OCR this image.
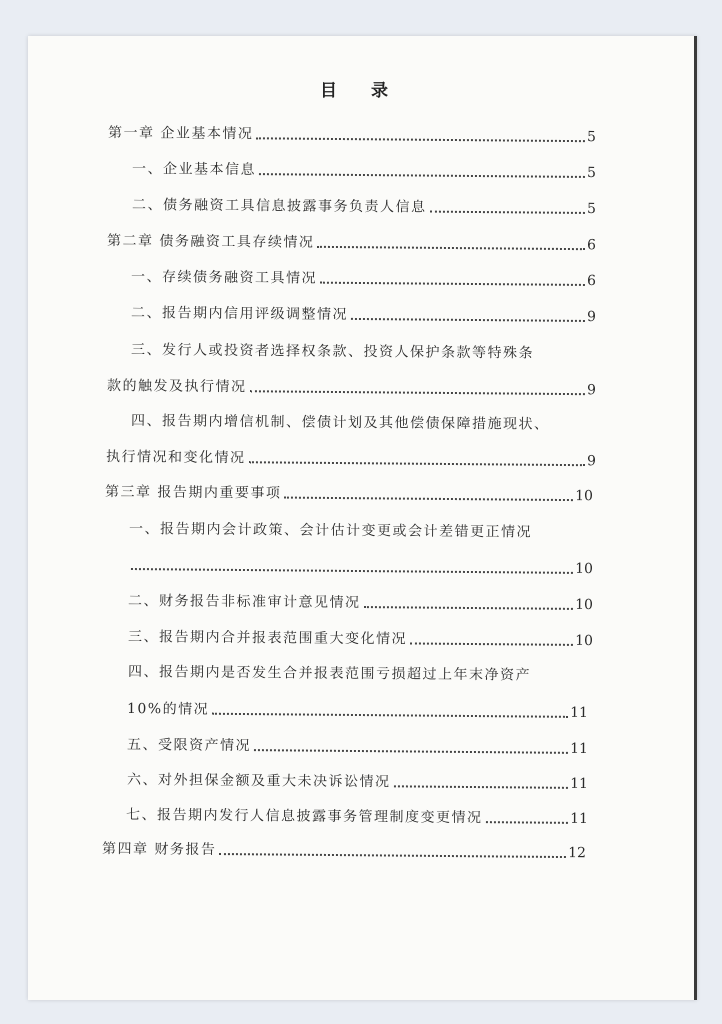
目 录
第一章 企业基本情况	5
一、企业基本信息	5
二、债务融资工具信息披露事务负责人信息	5
第二章 债务融资工具存续情况	6
一、存续债务融资工具情况	6
二、报告期内信用评级调整情况	9
三、发行人或投资者选择权条款、投资人保护条款等特殊条
款的触发及执行情况	9
四、报告期内增信机制、偿债计划及其他偿债保障措施现状、
执行情况和变化情况	9
第三章 报告期内重要事项	10
一、报告期内会计政策、会计估计变更或会计差错更正情况
10
二、财务报告非标准审计意见情况	10
三、报告期内合并报表范围重大变化情况	10
四、报告期内是否发生合并报表范围亏损超过上年末净资产
10%的情况	11
五、受限资产情况	11
六、对外担保金额及重大未决诉讼情况	11
七、报告期内发行人信息披露事务管理制度变更情况	11
第四章 财务报告	12
